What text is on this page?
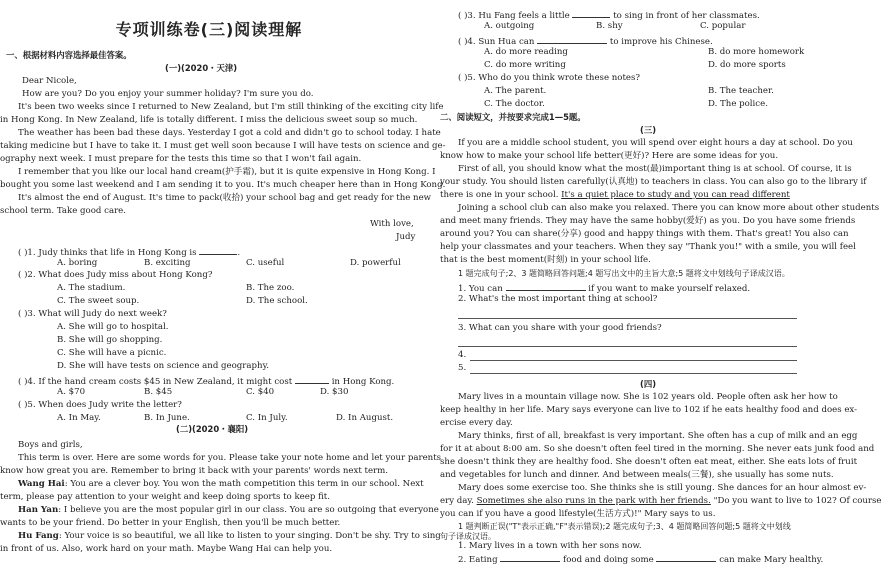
专项训练卷(三)阅读理解
一、根据材料内容选择最佳答案。
(一)(2020・天津)
Dear Nicole,
How are you? Do you enjoy your summer holiday? I'm sure you do.
It's been two weeks since I returned to New Zealand, but I'm still thinking of the exciting city life
in Hong Kong. In New Zealand, life is totally different. I miss the delicious sweet soup so much.
The weather has been bad these days. Yesterday I got a cold and didn't go to school today. I hate
taking medicine but I have to take it. I must get well soon because I will have tests on science and ge-
ography next week. I must prepare for the tests this time so that I won't fail again.
I remember that you like our local hand cream(护手霜), but it is quite expensive in Hong Kong. I
bought you some last weekend and I am sending it to you. It's much cheaper here than in Hong Kong.
It's almost the end of August. It's time to pack(收拾) your school bag and get ready for the new
school term. Take good care.
With love,
Judy
( )1. Judy thinks that life in Hong Kong is	.
A. boring	B. exciting	C. useful	D. powerful
( )2. What does Judy miss about Hong Kong?
A. The stadium.	B. The zoo.
C. The sweet soup.	D. The school.
( )3. What will Judy do next week?
A. She will go to hospital.
B. She will go shopping.
C. She will have a picnic.
D. She will have tests on science and geography.
( )4. If the hand cream costs $45 in New Zealand, it might cost	in Hong Kong.
A. $70	B. $45	C. $40	D. $30
( )5. When does Judy write the letter?
A. In May.	B. In June.	C. In July.	D. In August.
(二)(2020・襄阳)
Boys and girls,
This term is over. Here are some words for you. Please take your note home and let your parents
know how great you are. Remember to bring it back with your parents' words next term.
Wang Hai: You are a clever boy. You won the math competition this term in our school. Next
term, please pay attention to your weight and keep doing sports to keep fit.
Han Yan: I believe you are the most popular girl in our class. You are so outgoing that everyone
wants to be your friend. Do better in your English, then you'll be much better.
Hu Fang: Your voice is so beautiful, we all like to listen to your singing. Don't be shy. Try to sing
in front of us. Also, work hard on your math. Maybe Wang Hai can help you.
( )3. Hu Fang feels a little	to sing in front of her classmates.
A. outgoing	B. shy	C. popular
( )4. Sun Hua can	to improve his Chinese.
A. do more reading	B. do more homework
C. do more writing	D. do more sports
( )5. Who do you think wrote these notes?
A. The parent.	B. The teacher.
C. The doctor.	D. The police.
二、阅读短文，并按要求完成1—5题。
(三)
If you are a middle school student, you will spend over eight hours a day at school. Do you
know how to make your school life better(更好)? Here are some ideas for you.
First of all, you should know what the most(最)important thing is at school. Of course, it is
your study. You should listen carefully(认真地) to teachers in class. You can also go to the library if
there is one in your school. It's a quiet place to study and you can read different
Joining a school club can also make you relaxed. There you can know more about other students
and meet many friends. They may have the same hobby(爱好) as you. Do you have some friends
around you? You can share(分享) good and happy things with them. That's great! You also can
help your classmates and your teachers. When they say "Thank you!" with a smile, you will feel
that is the best moment(时刻) in your school life.
1 题完成句子;2、3 题简略回答问题;4 题写出文中的主旨大意;5 题将文中划线句子译成汉语。
1. You can	if you want to make yourself relaxed.
2. What's the most important thing at school?
3. What can you share with your good friends?
4.
5.
(四)
Mary lives in a mountain village now. She is 102 years old. People often ask her how to
keep healthy in her life. Mary says everyone can live to 102 if he eats healthy food and does ex-
ercise every day.
Mary thinks, first of all, breakfast is very important. She often has a cup of milk and an egg
for it at about 8:00 am. So she doesn't often feel tired in the morning. She never eats junk food and
she doesn't think they are healthy food. She doesn't often eat meat, either. She eats lots of fruit
and vegetables for lunch and dinner. And between meals(三餐), she usually has some nuts.
Mary does some exercise too. She thinks she is still young. She dances for an hour almost ev-
ery day. Sometimes she also runs in the park with her friends. "Do you want to live to 102? Of course
you can if you have a good lifestyle(生活方式)!" Mary says to us.
1 题判断正误("T"表示正确,"F"表示错误);2 题完成句子;3、4 题简略回答问题;5 题将文中划线
句子译成汉语。
1. Mary lives in a town with her sons now.
2. Eating	food and doing some	can make Mary healthy.
